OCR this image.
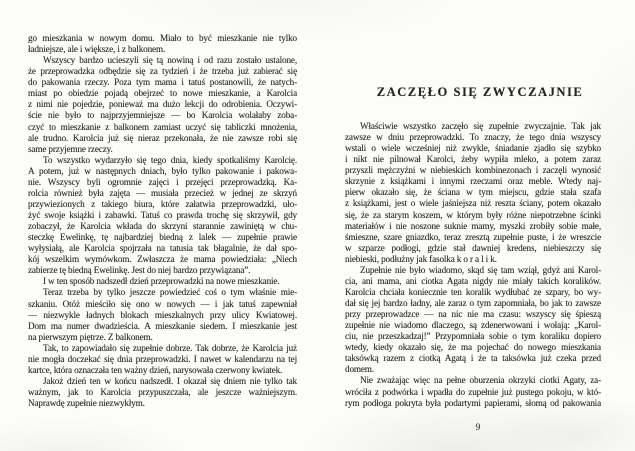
go mieszkania w nowym domu. Miało to być mieszkanie nie tylko
ładniejsze, ale i większe, i z balkonem.
Wszyscy bardzo ucieszyli się tą nowiną i od razu zostało ustalone,
że przeprowadzka odbędzie się za tydzień i że trzeba już zabierać się
do pakowania rzeczy. Poza tym mama i tatuś postanowili, że natych-
miast po obiedzie pojadą obejrzeć to nowe mieszkanie, a Karolcia
z nimi nie pojedzie, ponieważ ma dużo lekcji do odrobienia. Oczywi-
ście nie było to najprzyjemniejsze — bo Karolcia wolałaby zoba-
czyć to mieszkanie z balkonem zamiast uczyć się tabliczki mnożenia,
ale trudno. Karolcia już się nieraz przekonała, że nie zawsze robi się
same przyjemne rzeczy.
To wszystko wydarzyło się tego dnia, kiedy spotkaliśmy Karolcię.
A potem, już w następnych dniach, było tylko pakowanie i pakowa-
nie. Wszyscy byli ogromnie zajęci i przejęci przeprowadzką. Ka-
rolcia również była zajęta — musiała przecież w jednej ze skrzyń
przywiezionych z takiego biura, które załatwia przeprowadzki, uło-
żyć swoje książki i zabawki. Tatuś co prawda trochę się skrzywił, gdy
zobaczył, że Karolcia wkłada do skrzyni starannie zawiniętą w chu-
steczkę Ewelinkę, tę najbardziej biedną z lalek — zupełnie prawie
wyłysiałą, ale Karolcia spojrzała na tatusia tak błagalnie, że dał spo-
kój wszelkim wymówkom. Zwłaszcza że mama powiedziała: „Niech
zabierze tę biedną Ewelinkę. Jest do niej bardzo przywiązana”.
I w ten sposób nadszedł dzień przeprowadzki na nowe mieszkanie.
Teraz trzeba by tylko jeszcze powiedzieć coś o tym właśnie mie-
szkaniu. Otóż mieściło się ono w nowych — i jak tatuś zapewniał
— niezwykle ładnych blokach mieszkalnych przy ulicy Kwiatowej.
Dom ma numer dwadzieścia. A mieszkanie siedem. I mieszkanie jest
na pierwszym piętrze. Z balkonem.
Tak, to zapowiadało się zupełnie dobrze. Tak dobrze, że Karolcia już
nie mogła doczekać się dnia przeprowadzki. I nawet w kalendarzu na tej
kartce, która oznaczała ten ważny dzień, narysowała czerwony kwiatek.
Jakoż dzień ten w końcu nadszedł. I okazał się dniem nie tylko tak
ważnym, jak to Karolcia przypuszczała, ale jeszcze ważniejszym.
Naprawdę zupełnie niezwykłym.
ZACZĘŁO SIĘ ZWYCZAJNIE
Właściwie wszystko zaczęło się zupełnie zwyczajnie. Tak jak
zawsze w dniu przeprowadzki. To znaczy, że tego dnia wszyscy
wstali o wiele wcześniej niż zwykle, śniadanie zjadło się szybko
i nikt nie pilnował Karolci, żeby wypiła mleko, a potem zaraz
przyszli mężczyźni w niebieskich kombinezonach i zaczęli wynosić
skrzynie z książkami i innymi rzeczami oraz meble. Wtedy naj-
pierw okazało się, że ściana w tym miejscu, gdzie stała szafa
z książkami, jest o wiele jaśniejsza niż reszta ściany, potem okazało
się, że za starym koszem, w którym były różne niepotrzebne ścinki
materiałów i nie noszone suknie mamy, myszki zrobiły sobie małe,
śmieszne, szare gniazdko, teraz zresztą zupełnie puste, i że wreszcie
w szparze podłogi, gdzie stał dawniej kredens, niebieszczy się
niebieski, podłużny jak fasolka k o r a l i k.
Zupełnie nie było wiadomo, skąd się tam wziął, gdyż ani Karol-
cia, ani mama, ani ciotka Agata nigdy nie miały takich koralików.
Karolcia chciała koniecznie ten koralik wydłubać ze szpary, bo wy-
dał się jej bardzo ładny, ale zaraz o tym zapomniała, bo jak to zawsze
przy przeprowadzce — na nic nie ma czasu: wszyscy się śpieszą
zupełnie nie wiadomo dlaczego, są zdenerwowani i wołają: „Karol-
ciu, nie przeszkadzaj!” Przypomniała sobie o tym koraliku dopiero
wtedy, kiedy okazało się, że ma pojechać do nowego mieszkania
taksówką razem z ciotką Agatą i że ta taksówka już czeka przed
domem.
Nie zważając więc na pełne oburzenia okrzyki ciotki Agaty, za-
wróciła z podwórka i wpadła do zupełnie już pustego pokoju, w któ-
rym podłoga pokryta była podartymi papierami, słomą od pakowania
9
